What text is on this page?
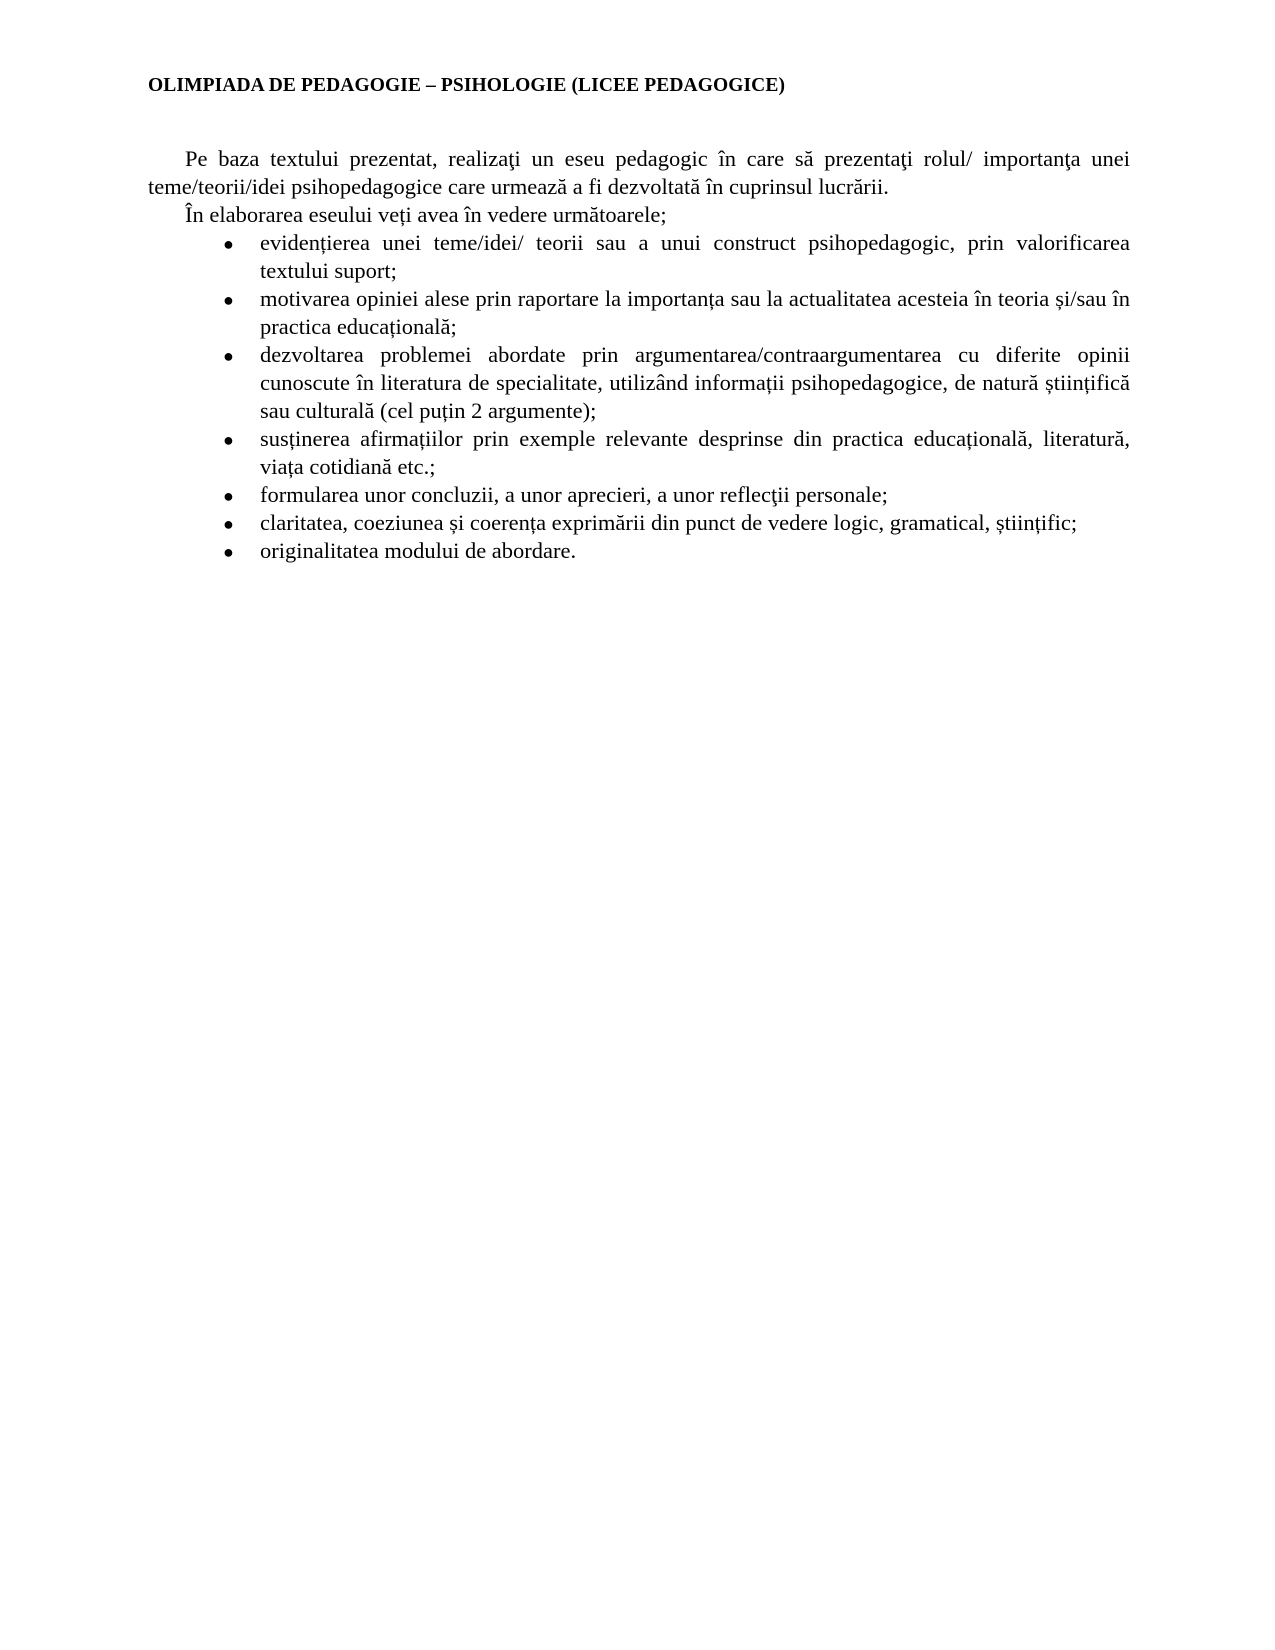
OLIMPIADA DE PEDAGOGIE – PSIHOLOGIE (LICEE PEDAGOGICE)

Pe baza textului prezentat, realizaţi un eseu pedagogic în care să prezentaţi rolul/ importanţa unei teme/teorii/idei psihopedagogice care urmează a fi dezvoltată în cuprinsul lucrării.

În elaborarea eseului veți avea în vedere următoarele;

● evidențierea unei teme/idei/ teorii sau a unui construct psihopedagogic, prin valorificarea textului suport;
● motivarea opiniei alese prin raportare la importanța sau la actualitatea acesteia în teoria și/sau în practica educațională;
● dezvoltarea problemei abordate prin argumentarea/contraargumentarea cu diferite opinii cunoscute în literatura de specialitate, utilizând informații psihopedagogice, de natură științifică sau culturală (cel puțin 2 argumente);
● susținerea afirmațiilor prin exemple relevante desprinse din practica educațională, literatură, viața cotidiană etc.;
● formularea unor concluzii, a unor aprecieri, a unor reflecţii personale;
● claritatea, coeziunea și coerența exprimării din punct de vedere logic, gramatical, științific;
● originalitatea modului de abordare.
